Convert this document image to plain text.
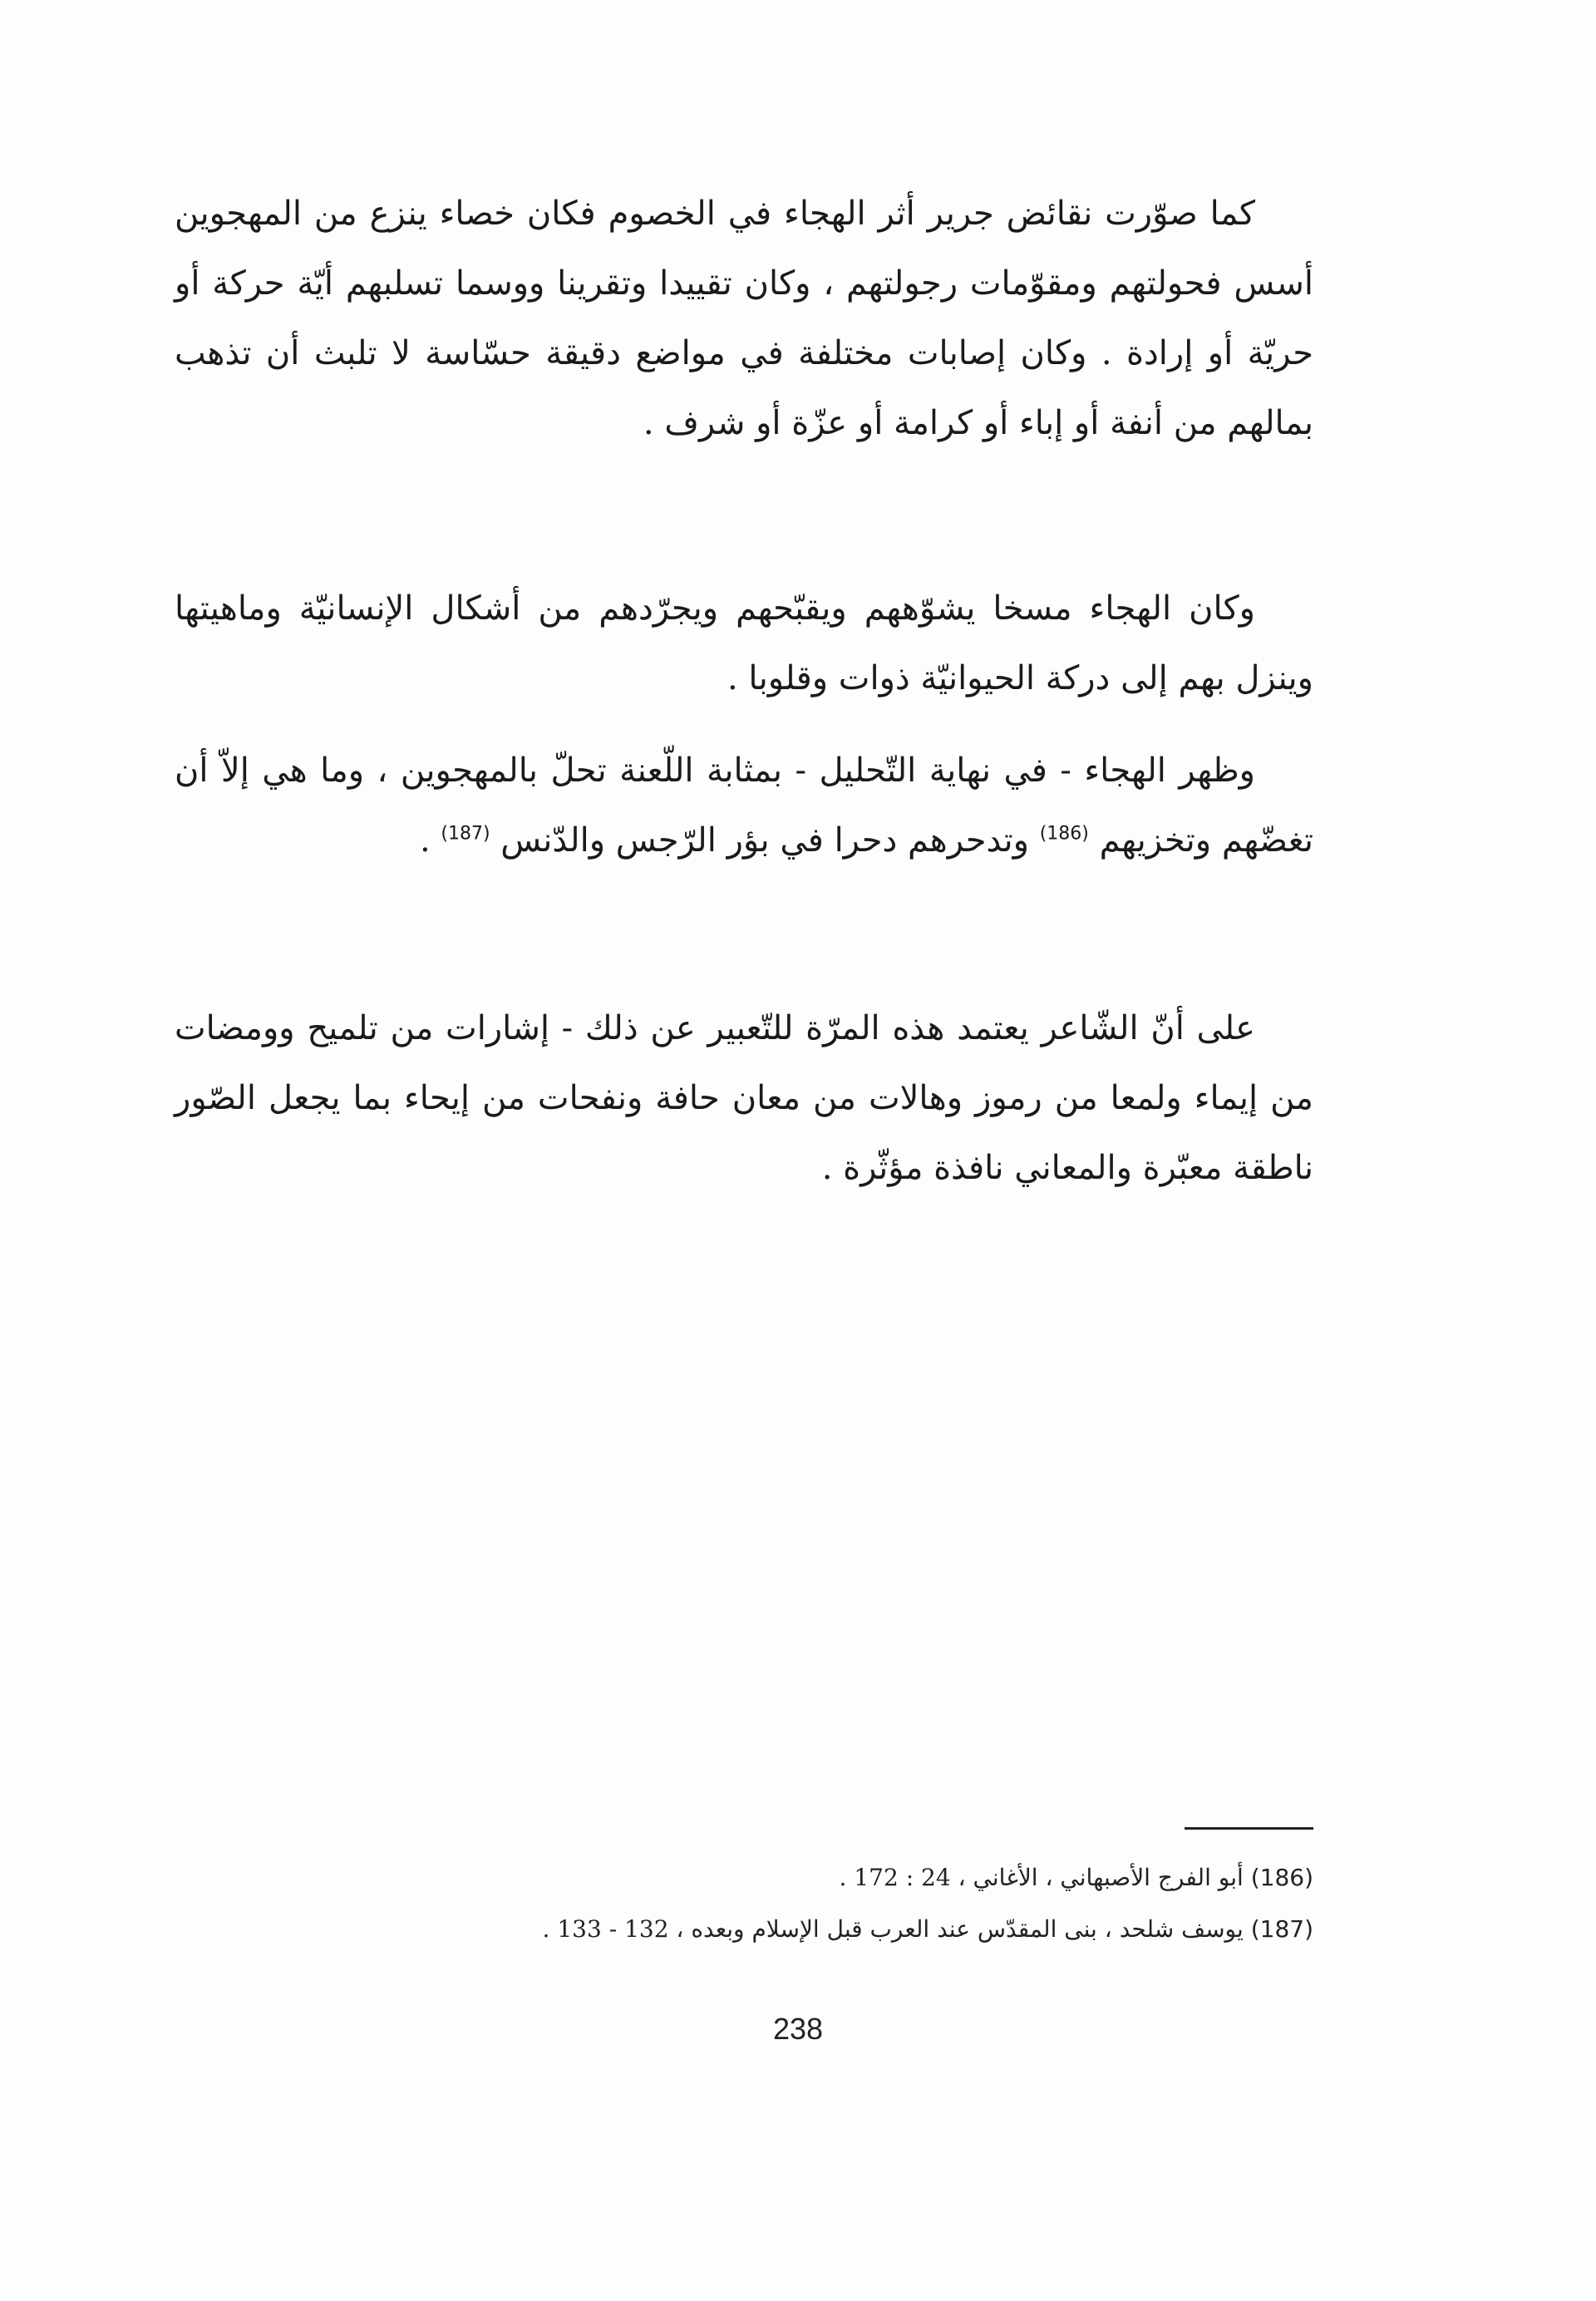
كما صوّرت نقائض جرير أثر الهجاء في الخصوم فكان خصاء ينزع من المهجوين أسس فحولتهم ومقوّمات رجولتهم ، وكان تقييدا وتقرينا ووسما تسلبهم أيّة حركة أو حريّة أو إرادة . وكان إصابات مختلفة في مواضع دقيقة حسّاسة لا تلبث أن تذهب بمالهم من أنفة أو إباء أو كرامة أو عزّة أو شرف .

وكان الهجاء مسخا يشوّههم ويقبّحهم ويجرّدهم من أشكال الإنسانيّة وماهيتها وينزل بهم إلى دركة الحيوانيّة ذوات وقلوبا .

وظهر الهجاء - في نهاية التّحليل - بمثابة اللّعنة تحلّ بالمهجوين ، وما هي إلاّ أن تغضّهم وتخزيهم $^{(186)}$ وتدحرهم دحرا في بؤر الرّجس والدّنس $^{(187)}$ .

على أنّ الشّاعر يعتمد هذه المرّة للتّعبير عن ذلك - إشارات من تلميح وومضات من إيماء ولمعا من رموز وهالات من معان حافة ونفحات من إيحاء بما يجعل الصّور ناطقة معبّرة والمعاني نافذة مؤثّرة .

(186) أبو الفرج الأصبهاني ، الأغاني ، 24 : 172 .

(187) يوسف شلحد ، بنى المقدّس عند العرب قبل الإسلام وبعده ، 132 - 133 .

238
